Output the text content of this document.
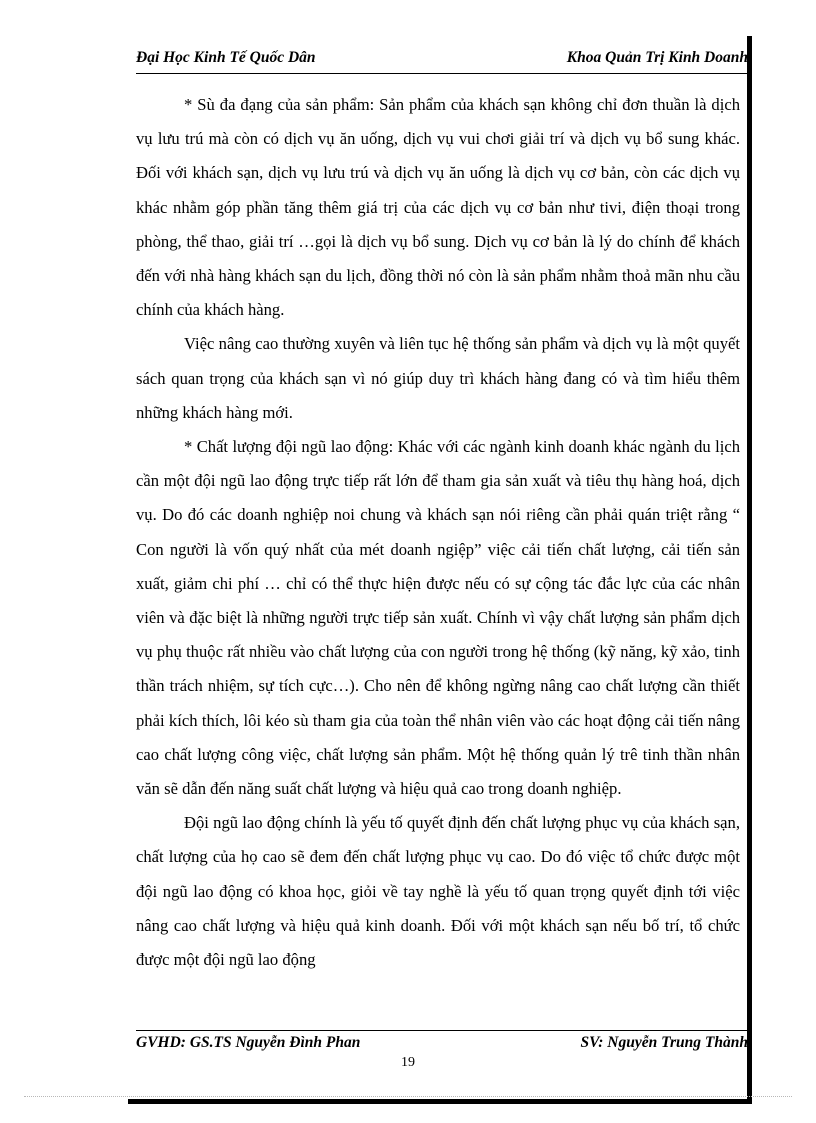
Đại Học Kinh Tế Quốc Dân	Khoa Quản Trị Kinh Doanh

* Sù đa đạng của sản phẩm: Sản phẩm của khách sạn không chỉ đơn thuần là dịch vụ lưu trú mà còn có dịch vụ ăn uống, dịch vụ vui chơi giải trí và dịch vụ bổ sung khác. Đối với khách sạn, dịch vụ lưu trú và dịch vụ ăn uống là dịch vụ cơ bản, còn các dịch vụ khác nhằm góp phần tăng thêm giá trị của các dịch vụ cơ bản như tivi, điện thoại trong phòng, thể thao, giải trí …gọi là dịch vụ bổ sung. Dịch vụ cơ bản là lý do chính để khách đến với nhà hàng khách sạn du lịch, đồng thời nó còn là sản phẩm nhằm thoả mãn nhu cầu chính của khách hàng.

Việc nâng cao thường xuyên và liên tục hệ thống sản phẩm và dịch vụ là một quyết sách quan trọng của khách sạn vì nó giúp duy trì khách hàng đang có và tìm hiểu thêm những khách hàng mới.

* Chất lượng đội ngũ lao động: Khác với các ngành kinh doanh khác ngành du lịch cần một đội ngũ lao động trực tiếp rất lớn để tham gia sản xuất và tiêu thụ hàng hoá, dịch vụ. Do đó các doanh nghiệp noi chung và khách sạn nói riêng cần phải quán triệt rằng “ Con người là vốn quý nhất của mét doanh ngiệp” việc cải tiến chất lượng, cải tiến sản xuất, giảm chi phí … chỉ có thể thực hiện được nếu có sự cộng tác đắc lực của các nhân viên và đặc biệt là những người trực tiếp sản xuất. Chính vì vậy chất lượng sản phẩm dịch vụ phụ thuộc rất nhiều vào chất lượng của con người trong hệ thống (kỹ năng, kỹ xảo, tinh thần trách nhiệm, sự tích cực…). Cho nên để không ngừng nâng cao chất lượng cần thiết phải kích thích, lôi kéo sù tham gia của toàn thể nhân viên vào các hoạt động cải tiến nâng cao chất lượng công việc, chất lượng sản phẩm. Một hệ thống quản lý trê tinh thần nhân văn sẽ dẫn đến năng suất chất lượng và hiệu quả cao trong doanh nghiệp.

Đội ngũ lao động chính là yếu tố quyết định đến chất lượng phục vụ của khách sạn, chất lượng của họ cao sẽ đem đến chất lượng phục vụ cao. Do đó việc tổ chức được một đội ngũ lao động có khoa học, giỏi về tay nghề là yếu tố quan trọng quyết định tới việc nâng cao chất lượng và hiệu quả kinh doanh. Đối với một khách sạn nếu bố trí, tổ chức được một đội ngũ lao động

GVHD: GS.TS Nguyễn Đình Phan	SV: Nguyễn Trung Thành
19
